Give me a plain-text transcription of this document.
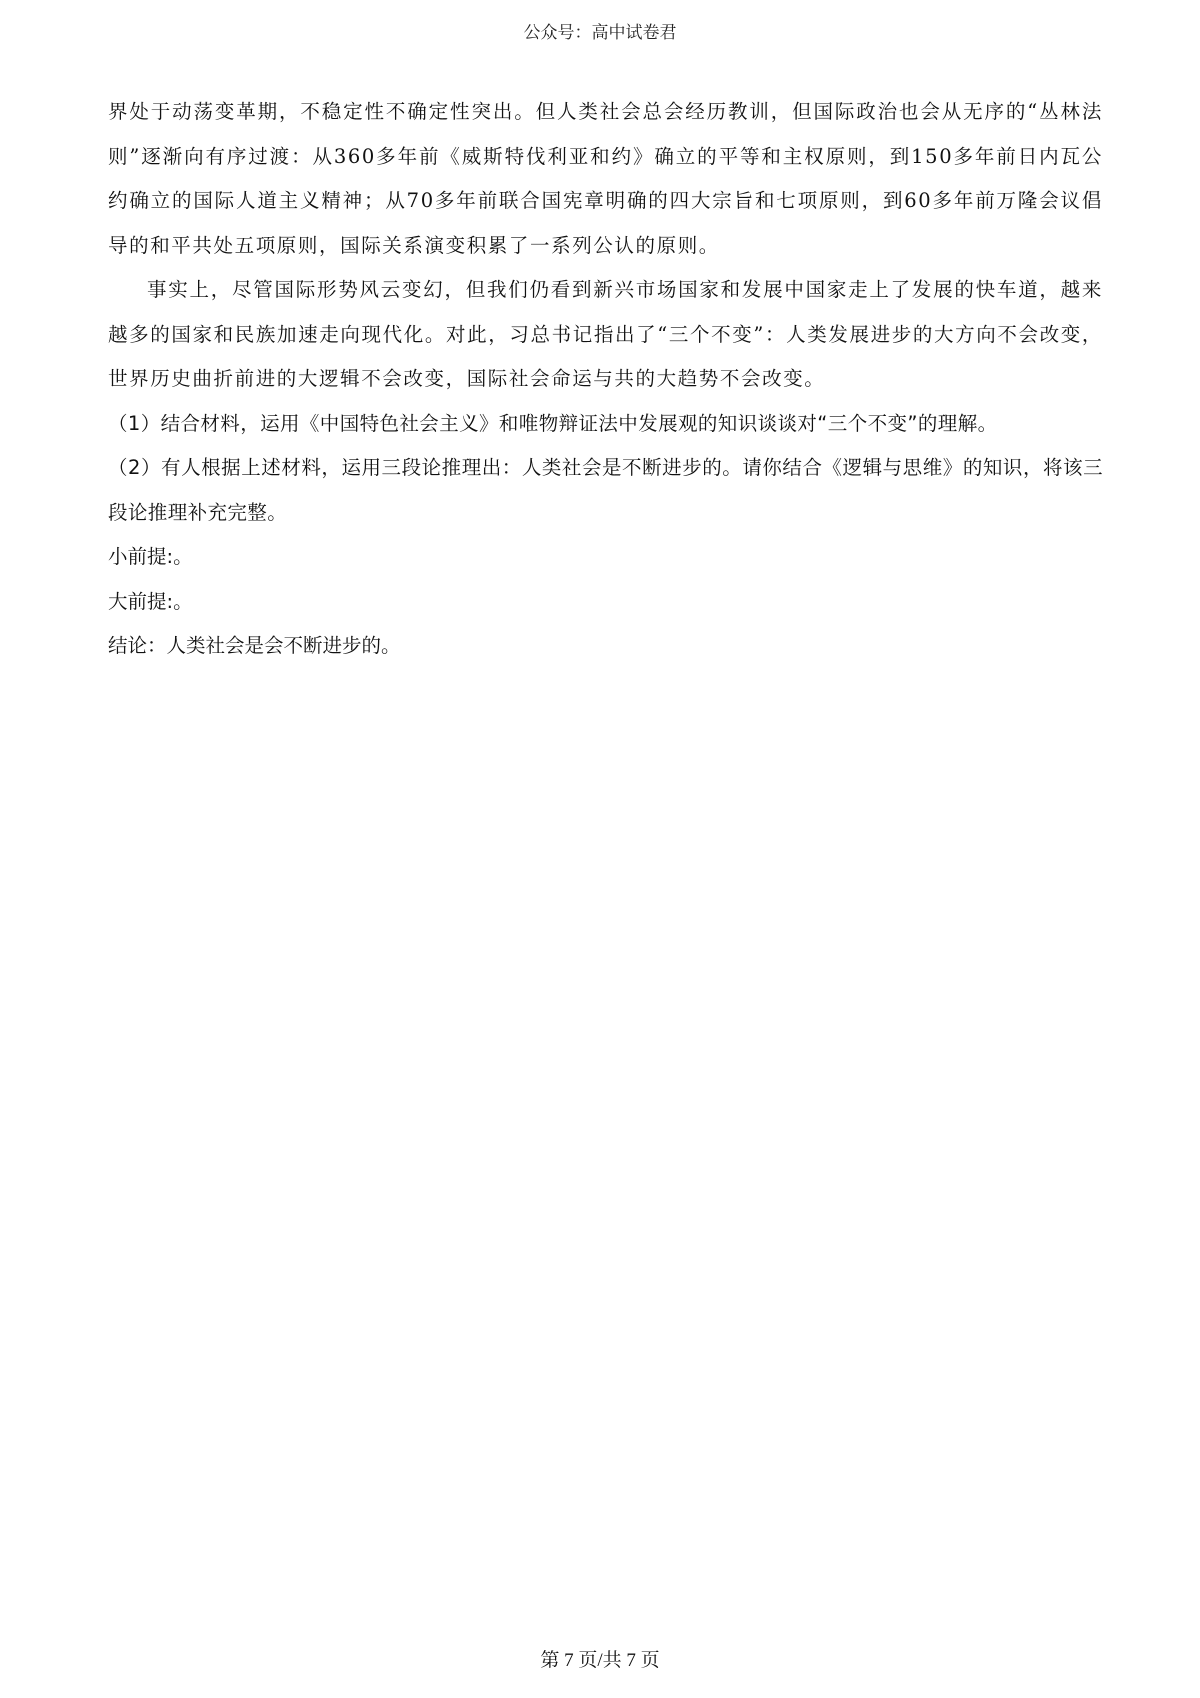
公众号：高中试卷君

界处于动荡变革期，不稳定性不确定性突出。但人类社会总会经历教训，但国际政治也会从无序的“丛林法则”逐渐向有序过渡：从360多年前《威斯特伐利亚和约》确立的平等和主权原则，到150多年前日内瓦公约确立的国际人道主义精神；从70多年前联合国宪章明确的四大宗旨和七项原则，到60多年前万隆会议倡导的和平共处五项原则，国际关系演变积累了一系列公认的原则。

事实上，尽管国际形势风云变幻，但我们仍看到新兴市场国家和发展中国家走上了发展的快车道，越来越多的国家和民族加速走向现代化。对此，习总书记指出了“三个不变”：人类发展进步的大方向不会改变，世界历史曲折前进的大逻辑不会改变，国际社会命运与共的大趋势不会改变。

（1）结合材料，运用《中国特色社会主义》和唯物辩证法中发展观的知识谈谈对“三个不变”的理解。

（2）有人根据上述材料，运用三段论推理出：人类社会是不断进步的。请你结合《逻辑与思维》的知识，将该三段论推理补充完整。

小前提:。

大前提:。

结论：人类社会是会不断进步的。

第 7 页/共 7 页
